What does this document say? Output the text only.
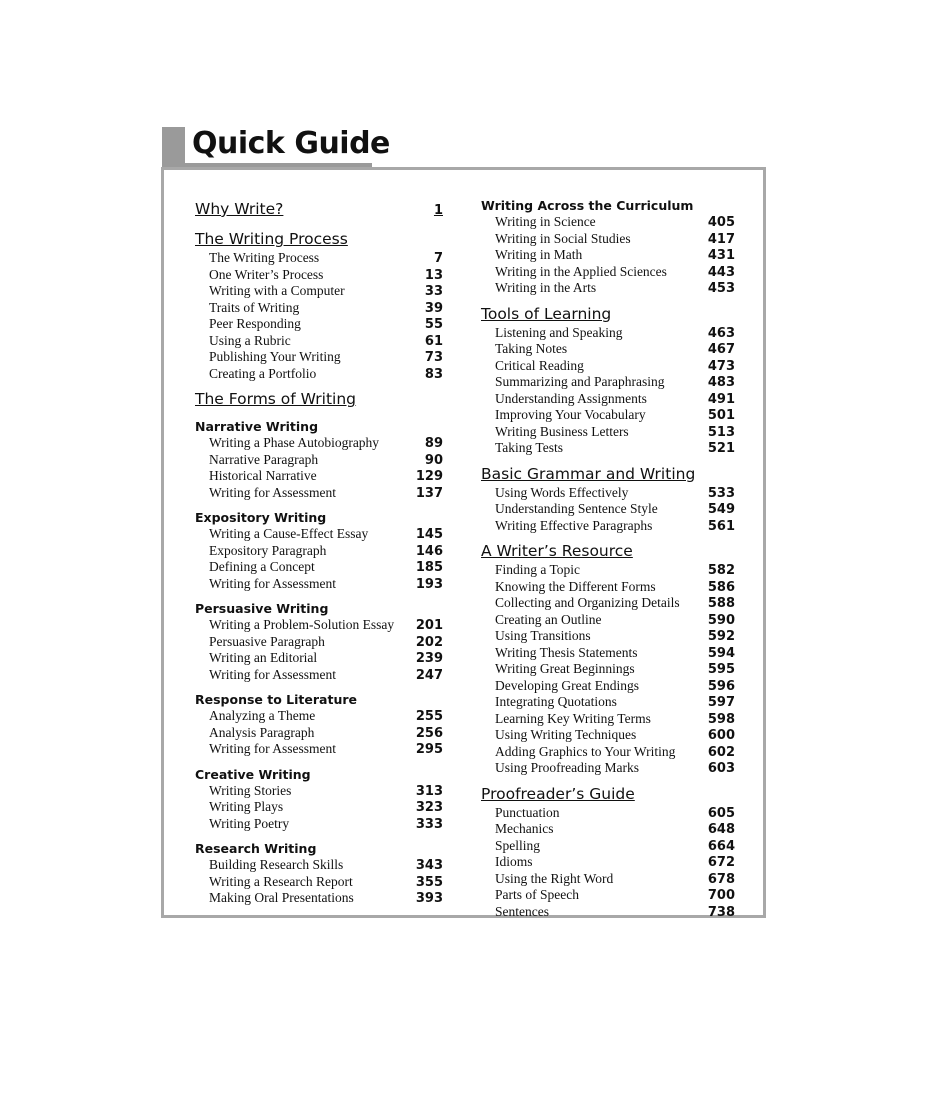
Quick Guide
Why Write?	1
The Writing Process
The Writing Process	7
One Writer’s Process	13
Writing with a Computer	33
Traits of Writing	39
Peer Responding	55
Using a Rubric	61
Publishing Your Writing	73
Creating a Portfolio	83
The Forms of Writing
Narrative Writing
Writing a Phase Autobiography	89
Narrative Paragraph	90
Historical Narrative	129
Writing for Assessment	137
Expository Writing
Writing a Cause-Effect Essay	145
Expository Paragraph	146
Defining a Concept	185
Writing for Assessment	193
Persuasive Writing
Writing a Problem-Solution Essay 201
Persuasive Paragraph	202
Writing an Editorial	239
Writing for Assessment	247
Response to Literature
Analyzing a Theme	255
Analysis Paragraph	256
Writing for Assessment	295
Creative Writing
Writing Stories	313
Writing Plays	323
Writing Poetry	333
Research Writing
Building Research Skills	343
Writing a Research Report	355
Making Oral Presentations	393
Writing Across the Curriculum
Writing in Science	405
Writing in Social Studies	417
Writing in Math	431
Writing in the Applied Sciences	443
Writing in the Arts	453
Tools of Learning
Listening and Speaking	463
Taking Notes	467
Critical Reading	473
Summarizing and Paraphrasing	483
Understanding Assignments	491
Improving Your Vocabulary	501
Writing Business Letters	513
Taking Tests	521
Basic Grammar and Writing
Using Words Effectively	533
Understanding Sentence Style	549
Writing Effective Paragraphs	561
A Writer’s Resource
Finding a Topic	582
Knowing the Different Forms	586
Collecting and Organizing Details 588
Creating an Outline	590
Using Transitions	592
Writing Thesis Statements	594
Writing Great Beginnings	595
Developing Great Endings	596
Integrating Quotations	597
Learning Key Writing Terms	598
Using Writing Techniques	600
Adding Graphics to Your Writing	602
Using Proofreading Marks	603
Proofreader’s Guide
Punctuation	605
Mechanics	648
Spelling	664
Idioms	672
Using the Right Word	678
Parts of Speech	700
Sentences	738
